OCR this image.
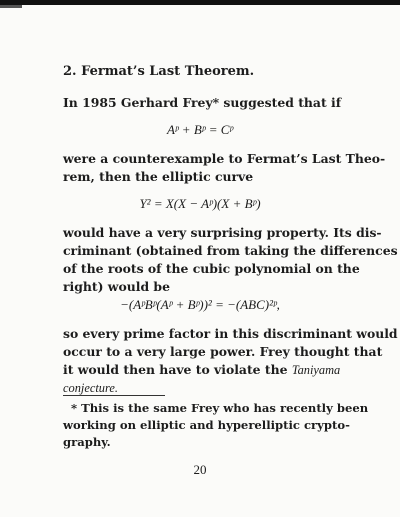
2. Fermat’s Last Theorem.

In 1985 Gerhard Frey* suggested that if

Aᵖ + Bᵖ = Cᵖ

were a counterexample to Fermat’s Last Theo-
rem, then the elliptic curve

Y² = X(X − Aᵖ)(X + Bᵖ)

would have a very surprising property. Its dis-
criminant (obtained from taking the differences
of the roots of the cubic polynomial on the
right) would be

−(AᵖBᵖ(Aᵖ + Bᵖ))² = −(ABC)²ᵖ,

so every prime factor in this discriminant would
occur to a very large power. Frey thought that
it would then have to violate the Taniyama
conjecture.

* This is the same Frey who has recently been
working on elliptic and hyperelliptic crypto-
graphy.

20
